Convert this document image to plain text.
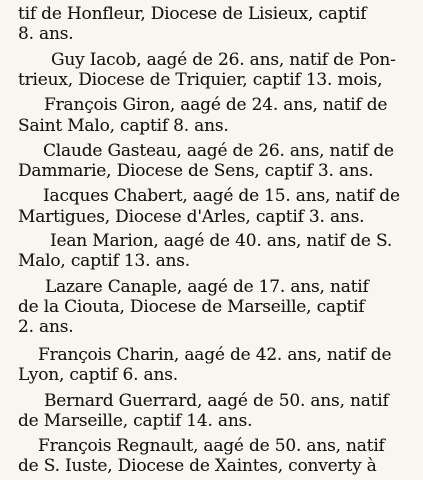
tif de Honfleur, Diocese de Lisieux, captif
8. ans.
Guy Iacob, aagé de 26. ans, natif de Pon-
trieux, Diocese de Triquier, captif 13. mois,
François Giron, aagé de 24. ans, natif de
Saint Malo, captif 8. ans.
Claude Gasteau, aagé de 26. ans, natif de
Dammarie, Diocese de Sens, captif 3. ans.
Iacques Chabert, aagé de 15. ans, natif de
Martigues, Diocese d'Arles, captif 3. ans.
Iean Marion, aagé de 40. ans, natif de S.
Malo, captif 13. ans.
Lazare Canaple, aagé de 17. ans, natif
de la Ciouta, Diocese de Marseille, captif
2. ans.
François Charin, aagé de 42. ans, natif de
Lyon, captif 6. ans.
Bernard Guerrard, aagé de 50. ans, natif
de Marseille, captif 14. ans.
François Regnault, aagé de 50. ans, natif
de S. Iuste, Diocese de Xaintes, converty à
